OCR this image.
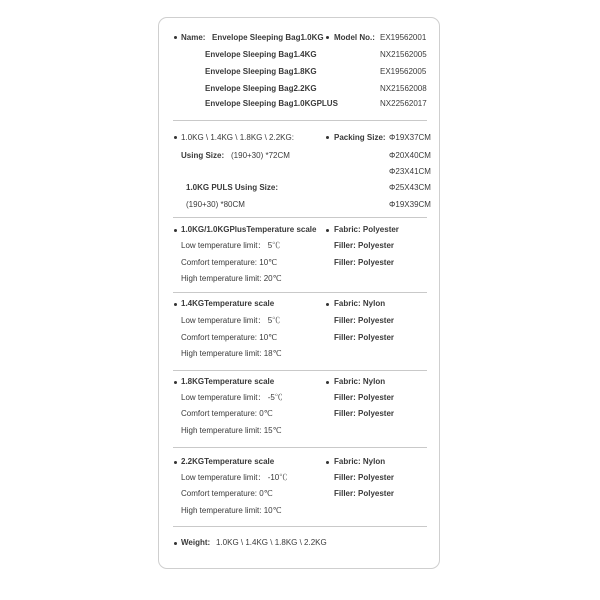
Name: Envelope Sleeping Bag1.0KG
Envelope Sleeping Bag1.4KG
Envelope Sleeping Bag1.8KG
Envelope Sleeping Bag2.2KG
Envelope Sleeping Bag1.0KGPLUS
Model No.: EX19562001
NX21562005
EX19562005
NX21562008
NX22562017
1.0KG \ 1.4KG \ 1.8KG \ 2.2KG:
Using Size: (190+30) *72CM
1.0KG PULS Using Size:
(190+30) *80CM
Packing Size: Φ19X37CM
Φ20X40CM
Φ23X41CM
Φ25X43CM
Φ19X39CM
1.0KG/1.0KGPlusTemperature scale
Low temperature limit： 5℃
Comfort temperature: 10℃
High temperature limit: 20℃
Fabric: Polyester
Filler: Polyester
Filler: Polyester
1.4KGTemperature scale
Low temperature limit： 5℃
Comfort temperature: 10℃
High temperature limit: 18℃
Fabric: Nylon
Filler: Polyester
Filler: Polyester
1.8KGTemperature scale
Low temperature limit： -5℃
Comfort temperature: 0℃
High temperature limit: 15℃
Fabric: Nylon
Filler: Polyester
Filler: Polyester
2.2KGTemperature scale
Low temperature limit： -10℃
Comfort temperature: 0℃
High temperature limit: 10℃
Fabric: Nylon
Filler: Polyester
Filler: Polyester
Weight: 1.0KG \ 1.4KG \ 1.8KG \ 2.2KG
